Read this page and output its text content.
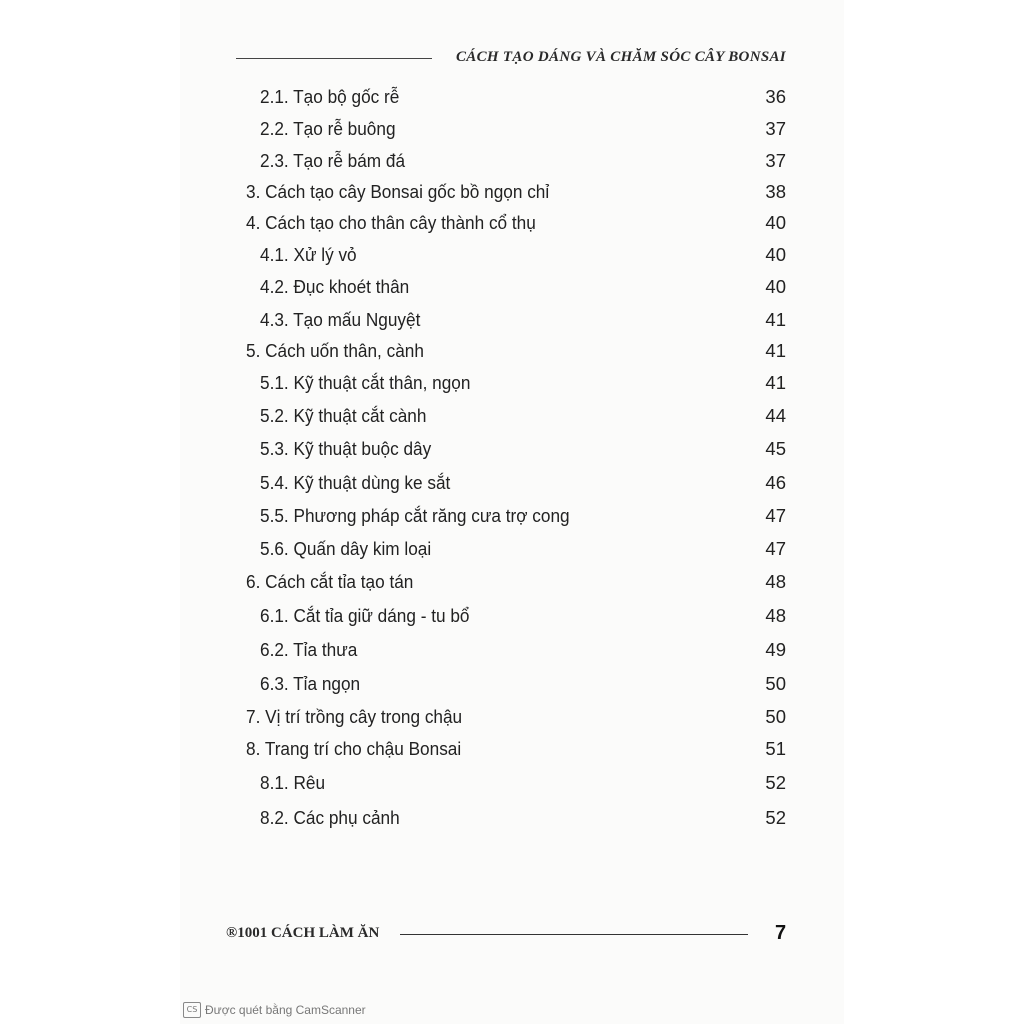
CÁCH TẠO DÁNG VÀ CHĂM SÓC CÂY BONSAI
2.1. Tạo bộ gốc rễ	36
2.2. Tạo rễ buông	37
2.3. Tạo rễ bám đá	37
3. Cách tạo cây Bonsai gốc bồ ngọn chỉ	38
4. Cách tạo cho thân cây thành cổ thụ	40
4.1. Xử lý vỏ	40
4.2. Đục khoét thân	40
4.3. Tạo mấu Nguyệt	41
5. Cách uốn thân, cành	41
5.1. Kỹ thuật cắt thân, ngọn	41
5.2. Kỹ thuật cắt cành	44
5.3. Kỹ thuật buộc dây	45
5.4. Kỹ thuật dùng ke sắt	46
5.5. Phương pháp cắt răng cưa trợ cong	47
5.6. Quấn dây kim loại	47
6. Cách cắt tỉa tạo tán	48
6.1. Cắt tỉa giữ dáng - tu bổ	48
6.2. Tỉa thưa	49
6.3. Tỉa ngọn	50
7. Vị trí trồng cây trong chậu	50
8. Trang trí cho chậu Bonsai	51
8.1. Rêu	52
8.2. Các phụ cảnh	52
®1001 CÁCH LÀM ĂN	7
CS Được quét bằng CamScanner
